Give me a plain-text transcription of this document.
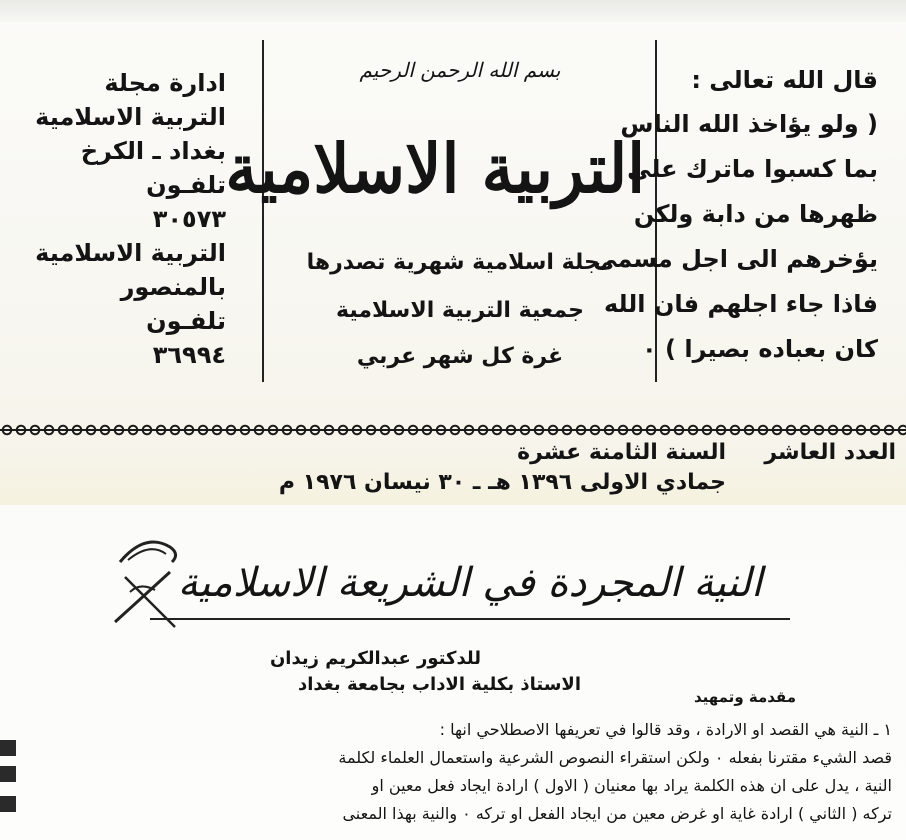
ادارة مجلة
التربية الاسلامية
بغداد ـ الكرخ
تلفـون
٣٠٥٧٣
التربية الاسلامية
بالمنصور
تلفـون
٣٦٩٩٤
بسم الله الرحمن الرحيم
التربية الاسلامية
مجلة اسلامية شهرية تصدرها
جمعية التربية الاسلامية
غرة كل شهر عربي
قال الله تعالى :
( ولو يؤاخذ الله الناس
بما كسبوا ماترك على
ظهرها من دابة ولكن
يؤخرهم الى اجل مسمى
فاذا جاء اجلهم فان الله
كان بعباده بصيرا ) ٠
العدد العاشر
السنة الثامنة عشرة
جمادي الاولى ١٣٩٦ هـ ـ ٣٠ نيسان ١٩٧٦ م
النية المجردة في الشريعة الاسلامية
للدكتور عبدالكريم زيدان
الاستاذ بكلية الاداب بجامعة بغداد
مقدمة وتمهيد
١ ـ النية هي القصد او الارادة ، وقد قالوا في تعريفها الاصطلاحي انها :
قصد الشيء مقترنا بفعله ٠ ولكن استقراء النصوص الشرعية واستعمال العلماء لكلمة
النية ، يدل على ان هذه الكلمة يراد بها معنيان ( الاول ) ارادة ايجاد فعل معين او
تركه ( الثاني ) ارادة غاية او غرض معين من ايجاد الفعل او تركه ٠ والنية بهذا المعنى
